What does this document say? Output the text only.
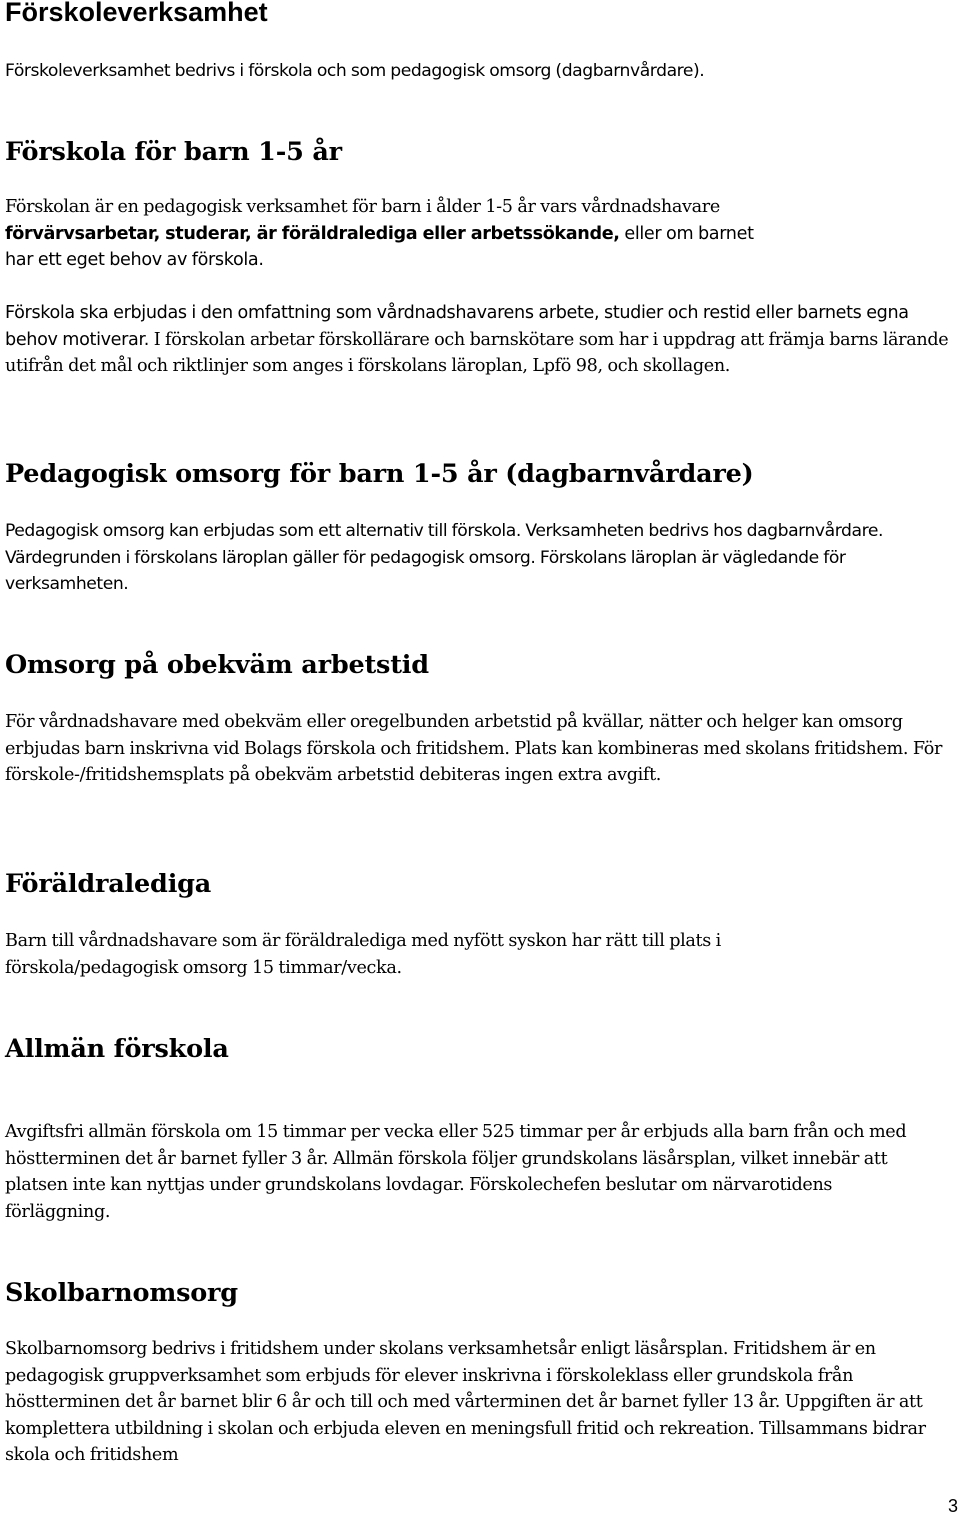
Förskoleverksamhet

Förskoleverksamhet bedrivs i förskola och som pedagogisk omsorg (dagbarnvårdare).

Förskola för barn 1-5 år

Förskolan är en pedagogisk verksamhet för barn i ålder 1-5 år vars vårdnadshavare
förvärvsarbetar, studerar, är föräldralediga eller arbetssökande, eller om barnet
har ett eget behov av förskola.

Förskola ska erbjudas i den omfattning som vårdnadshavarens arbete, studier och restid eller barnets egna behov motiverar. I förskolan arbetar förskollärare och barnskötare som har i uppdrag att främja barns lärande utifrån det mål och riktlinjer som anges i förskolans läroplan, Lpfö 98, och skollagen.

Pedagogisk omsorg för barn 1-5 år (dagbarnvårdare)

Pedagogisk omsorg kan erbjudas som ett alternativ till förskola. Verksamheten bedrivs hos dagbarnvårdare. Värdegrunden i förskolans läroplan gäller för pedagogisk omsorg. Förskolans läroplan är vägledande för verksamheten.

Omsorg på obekväm arbetstid

För vårdnadshavare med obekväm eller oregelbunden arbetstid på kvällar, nätter och helger kan omsorg erbjudas barn inskrivna vid Bolags förskola och fritidshem. Plats kan kombineras med skolans fritidshem. För förskole-/fritidshemsplats på obekväm arbetstid debiteras ingen extra avgift.

Föräldralediga

Barn till vårdnadshavare som är föräldralediga med nyfött syskon har rätt till plats i förskola/pedagogisk omsorg 15 timmar/vecka.

Allmän förskola

Avgiftsfri allmän förskola om 15 timmar per vecka eller 525 timmar per år erbjuds alla barn från och med höstterminen det år barnet fyller 3 år. Allmän förskola följer grundskolans läsårsplan, vilket innebär att platsen inte kan nyttjas under grundskolans lovdagar. Förskolechefen beslutar om närvarotidens förläggning.

Skolbarnomsorg

Skolbarnomsorg bedrivs i fritidshem under skolans verksamhetsår enligt läsårsplan. Fritidshem är en pedagogisk gruppverksamhet som erbjuds för elever inskrivna i förskoleklass eller grundskola från höstterminen det år barnet blir 6 år och till och med vårterminen det år barnet fyller 13 år. Uppgiften är att komplettera utbildning i skolan och erbjuda eleven en meningsfull fritid och rekreation. Tillsammans bidrar skola och fritidshem

3
